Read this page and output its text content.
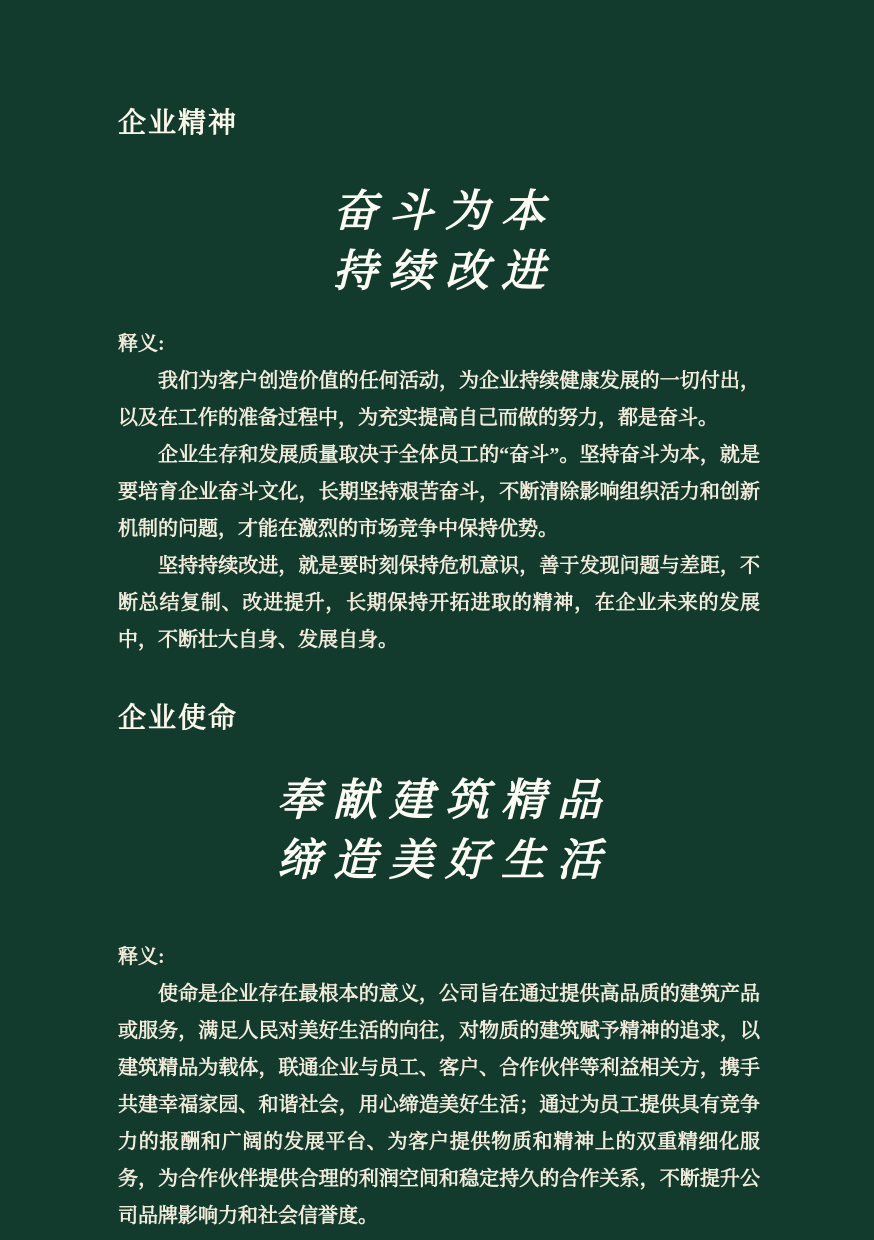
企业精神
奋斗为本
持续改进

释义:

我们为客户创造价值的任何活动，为企业持续健康发展的一切付出，以及在工作的准备过程中，为充实提高自己而做的努力，都是奋斗。

企业生存和发展质量取决于全体员工的“奋斗”。坚持奋斗为本，就是要培育企业奋斗文化，长期坚持艰苦奋斗，不断清除影响组织活力和创新机制的问题，才能在激烈的市场竞争中保持优势。

坚持持续改进，就是要时刻保持危机意识，善于发现问题与差距，不断总结复制、改进提升，长期保持开拓进取的精神，在企业未来的发展中，不断壮大自身、发展自身。

企业使命
奉献建筑精品
缔造美好生活

释义:

使命是企业存在最根本的意义，公司旨在通过提供高品质的建筑产品或服务，满足人民对美好生活的向往，对物质的建筑赋予精神的追求，以建筑精品为载体，联通企业与员工、客户、合作伙伴等利益相关方，携手共建幸福家园、和谐社会，用心缔造美好生活；通过为员工提供具有竞争力的报酬和广阔的发展平台、为客户提供物质和精神上的双重精细化服务，为合作伙伴提供合理的利润空间和稳定持久的合作关系，不断提升公司品牌影响力和社会信誉度。
